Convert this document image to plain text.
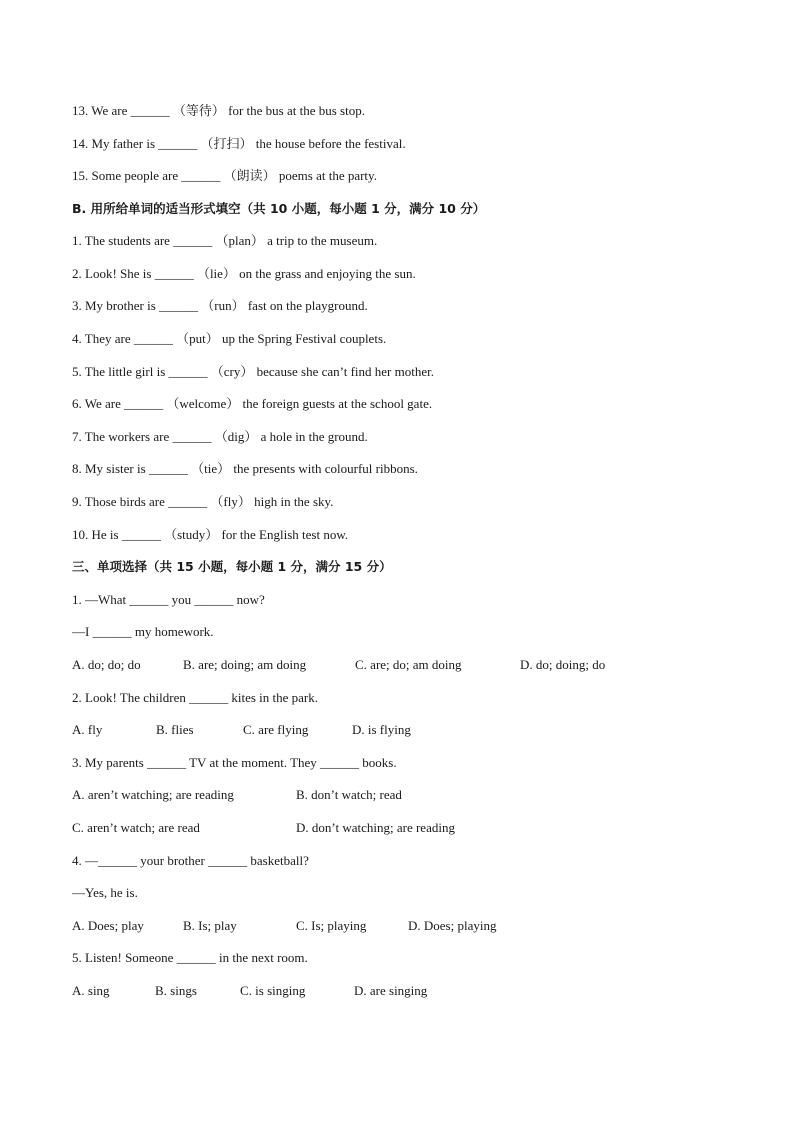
13. We are ______ （等待） for the bus at the bus stop.
14. My father is ______ （打扫） the house before the festival.
15. Some people are ______ （朗读） poems at the party.
B. 用所给单词的适当形式填空（共 10 小题，每小题 1 分，满分 10 分）
1. The students are ______ （plan） a trip to the museum.
2. Look! She is ______ （lie） on the grass and enjoying the sun.
3. My brother is ______ （run） fast on the playground.
4. They are ______ （put） up the Spring Festival couplets.
5. The little girl is ______ （cry） because she can’t find her mother.
6. We are ______ （welcome） the foreign guests at the school gate.
7. The workers are ______ （dig） a hole in the ground.
8. My sister is ______ （tie） the presents with colourful ribbons.
9. Those birds are ______ （fly） high in the sky.
10. He is ______ （study） for the English test now.
三、单项选择（共 15 小题，每小题 1 分，满分 15 分）
1. —What ______ you ______ now?
—I ______ my homework.
A. do; do; do	B. are; doing; am doing	C. are; do; am doing	D. do; doing; do
2. Look! The children ______ kites in the park.
A. fly	B. flies	C. are flying	D. is flying
3. My parents ______ TV at the moment. They ______ books.
A. aren’t watching; are reading	B. don’t watch; read
C. aren’t watch; are read	D. don’t watching; are reading
4. —______ your brother ______ basketball?
—Yes, he is.
A. Does; play	B. Is; play	C. Is; playing	D. Does; playing
5. Listen! Someone ______ in the next room.
A. sing	B. sings	C. is singing	D. are singing
